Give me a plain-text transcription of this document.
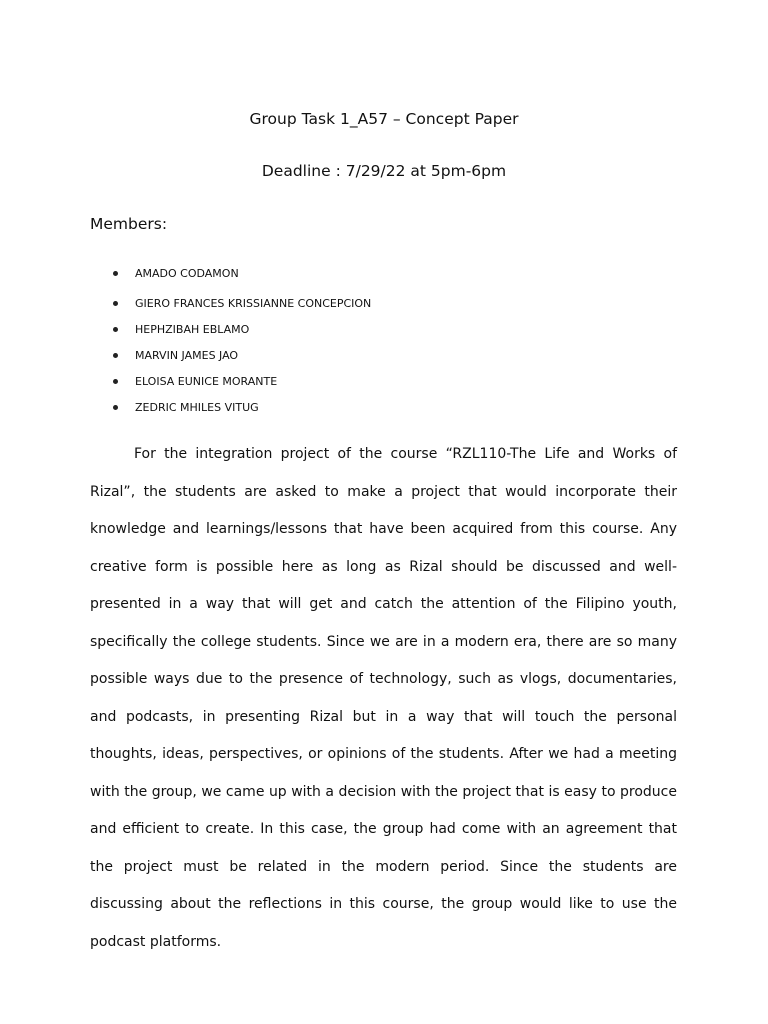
Group Task 1_A57 – Concept Paper
Deadline : 7/29/22 at 5pm-6pm
Members:
AMADO CODAMON
GIERO FRANCES KRISSIANNE CONCEPCION
HEPHZIBAH EBLAMO
MARVIN JAMES JAO
ELOISA EUNICE MORANTE
ZEDRIC MHILES VITUG

For the integration project of the course “RZL110-The Life and Works of Rizal”, the students are asked to make a project that would incorporate their knowledge and learnings/lessons that have been acquired from this course. Any creative form is possible here as long as Rizal should be discussed and well-presented in a way that will get and catch the attention of the Filipino youth, specifically the college students. Since we are in a modern era, there are so many possible ways due to the presence of technology, such as vlogs, documentaries, and podcasts, in presenting Rizal but in a way that will touch the personal thoughts, ideas, perspectives, or opinions of the students. After we had a meeting with the group, we came up with a decision with the project that is easy to produce and efficient to create. In this case, the group had come with an agreement that the project must be related in the modern period. Since the students are discussing about the reflections in this course, the group would like to use the podcast platforms.
